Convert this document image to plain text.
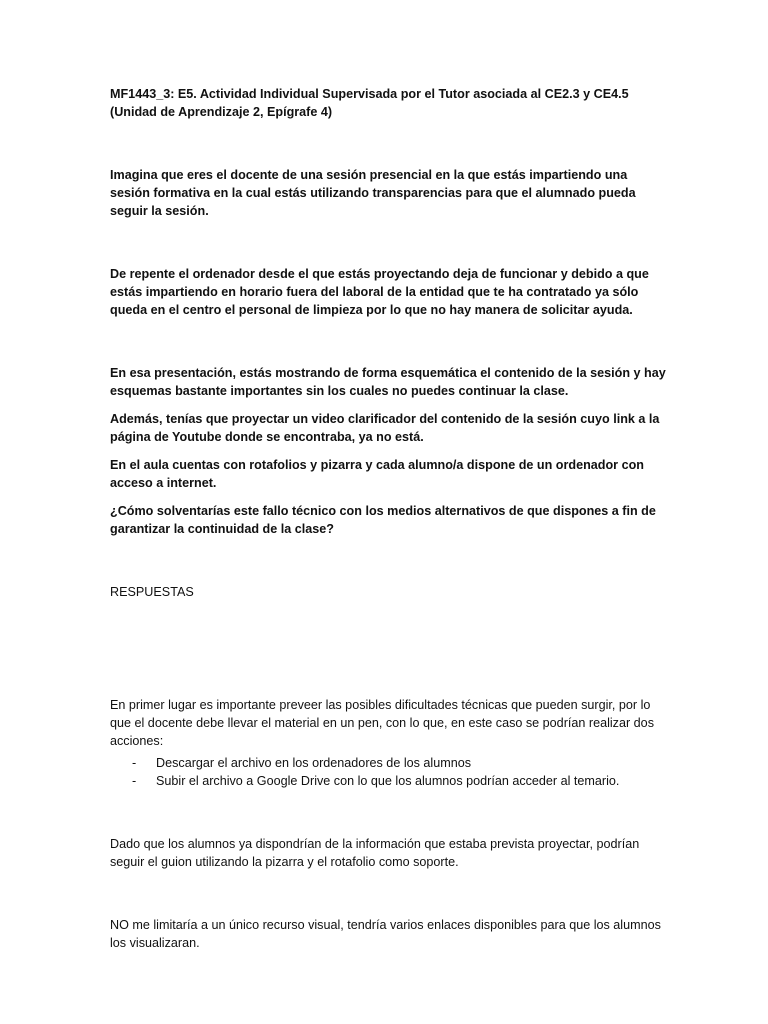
MF1443_3: E5. Actividad Individual Supervisada por el Tutor asociada al CE2.3 y CE4.5

(Unidad de Aprendizaje 2, Epígrafe 4)

Imagina que eres el docente de una sesión presencial en la que estás impartiendo una sesión formativa en la cual estás utilizando transparencias para que el alumnado pueda seguir la sesión.

De repente el ordenador desde el que estás proyectando deja de funcionar y debido a que estás impartiendo en horario fuera del laboral de la entidad que te ha contratado ya sólo queda en el centro el personal de limpieza por lo que no hay manera de solicitar ayuda.

En esa presentación, estás mostrando de forma esquemática el contenido de la sesión y hay esquemas bastante importantes sin los cuales no puedes continuar la clase.

Además, tenías que proyectar un video clarificador del contenido de la sesión cuyo link a la página de Youtube donde se encontraba, ya no está.

En el aula cuentas con rotafolios y pizarra y cada alumno/a dispone de un ordenador con acceso a internet.

¿Cómo solventarías este fallo técnico con los medios alternativos de que dispones a fin de garantizar la continuidad de la clase?

RESPUESTAS

En primer lugar es importante preveer las posibles dificultades técnicas que pueden surgir, por lo que el docente debe llevar el material en un pen, con lo que, en este caso se podrían realizar dos acciones:

-	Descargar el archivo en los ordenadores de los alumnos
-	Subir el archivo a Google Drive con lo que los alumnos podrían acceder al temario.

Dado que los alumnos ya dispondrían de la información que estaba prevista proyectar, podrían seguir el guion utilizando la pizarra y el rotafolio como soporte.

NO me limitaría a un único recurso visual, tendría varios enlaces disponibles para que los alumnos los visualizaran.
